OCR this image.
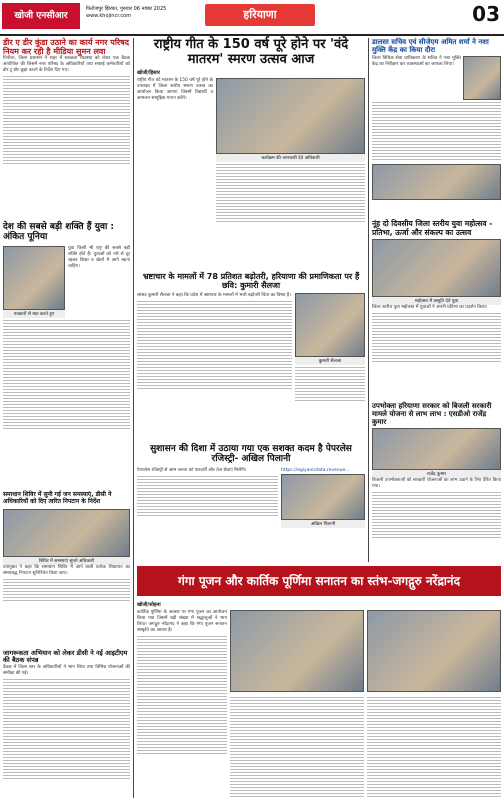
खोजी एनसीआर
फिरोजपुर झिरका, गुरुवार 06 नवंबर 2025
www.khojincr.com	हरियाणा	03
डीर ए डीर कुंडा उठाने का कार्य नगर परिषद नियम कर रही है मीडिया सुमन लवा
पिनौला, जिला प्रशासन ने शहर में स्वच्छता व्यवस्था को लेकर एक बैठक आयोजित की जिसमें नगर परिषद के अधिकारियों तथा सफाई कर्मचारियों को डोर टू डोर कूड़ा उठाने के निर्देश दिए गए।
देश की सबसे बड़ी शक्ति हैं युवा : अंकित पूनिया
पत्रकारों से बात करते हुए
युवा किसी भी राष्ट्र की सबसे बड़ी शक्ति होते हैं। युवाओं को नशे से दूर रहकर शिक्षा व खेलों में आगे बढ़ना चाहिए।
समाधान शिविर में सुनी गई जन समस्याएं, डीसी ने अधिकारियों को दिए त्वरित निपटान के निर्देश
शिविर में समस्याएं सुनते अधिकारी
उपायुक्त ने कहा कि समाधान शिविर में आने वाली प्रत्येक शिकायत का समयबद्ध निपटान सुनिश्चित किया जाए।
जागरूकता अभियान को लेकर डीसी ने नई आइटीएम की बैठक संपन्न
बैठक में जिला स्तर के अधिकारियों ने भाग लिया तथा विभिन्न योजनाओं की समीक्षा की गई।
राष्ट्रीय गीत के 150 वर्ष पूरे होने पर 'वंदे मातरम' स्मरण उत्सव आज
खोजी/हिसार
राष्ट्रीय गीत वंदे मातरम के 150 वर्ष पूरे होने के उपलक्ष्य में जिला स्तरीय स्मरण उत्सव का आयोजन किया जाएगा जिसमें विद्यार्थी व आमजन सामूहिक गायन करेंगे।
कार्यक्रम की जानकारी देते अधिकारी
भ्रष्टाचार के मामलों में 78 प्रतिशत बढ़ोतरी, हरियाणा की प्रमाणिकता पर हैं छवि: कुमारी सैलजा
सांसद कुमारी सैलजा ने कहा कि प्रदेश में भ्रष्टाचार के मामलों में भारी बढ़ोतरी चिंता का विषय है।
कुमारी सैलजा
सुशासन की दिशा में उठाया गया एक सशक्त कदम है पेपरलेस रजिस्ट्री- अखिल पिलानी
पेपरलेस रजिस्ट्री से आम जनता को पारदर्शी और तेज सेवाएं मिलेंगी।	https://egiyanirdata.revenue...
अखिल पिलानी
डालसा सचिव एवं सीजेएम अमित शर्मा ने नशा मुक्ति केंद्र का किया दौरा
जिला विधिक सेवा प्राधिकरण के सचिव ने नशा मुक्ति केंद्र का निरीक्षण कर व्यवस्थाओं का जायजा लिया।
नूंह दो दिवसीय जिला स्तरीय युवा महोत्सव - प्रतिभा, ऊर्जा और संकल्प का उत्सव
महोत्सव में प्रस्तुति देते युवा
जिला स्तरीय युवा महोत्सव में युवाओं ने अपनी प्रतिभा का प्रदर्शन किया।
उपभोक्ता हरियाणा सरकार को बिजली सरकारी मामले योजना से लाभ लाभ : एसडीओ राजेंद्र कुमार
राजेंद्र कुमार
बिजली उपभोक्ताओं को सरकारी योजनाओं का लाभ उठाने के लिए प्रेरित किया गया।
गंगा पूजन और कार्तिक पूर्णिमा सनातन का स्तंभ-जगद्गुरु नरेंद्रानंद
खोजी/सोहना
कार्तिक पूर्णिमा के अवसर पर गंगा पूजन का आयोजन किया गया जिसमें बड़ी संख्या में श्रद्धालुओं ने भाग लिया। जगद्गुरु नरेंद्रानंद ने कहा कि गंगा पूजन सनातन संस्कृति का आधार है।
